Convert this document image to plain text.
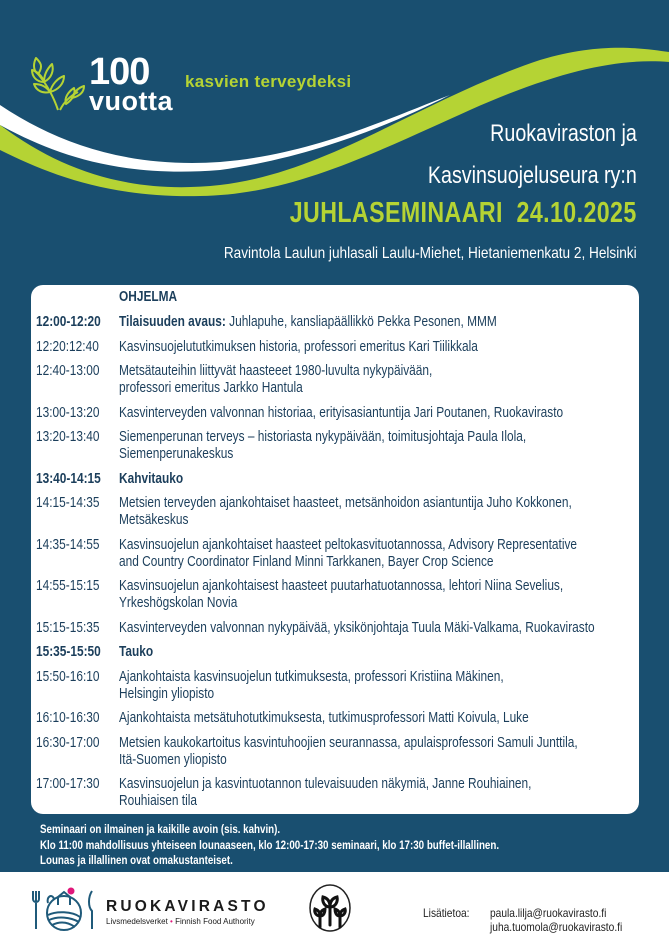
100
vuotta
kasvien terveydeksi
Ruokaviraston ja
Kasvinsuojeluseura ry:n
JUHLASEMINAARI  24.10.2025
Ravintola Laulun juhlasali Laulu-Miehet, Hietaniemenkatu 2, Helsinki
OHJELMA
12:00-12:20 Tilaisuuden avaus: Juhlapuhe, kansliapäällikkö Pekka Pesonen, MMM
12:20:12:40 Kasvinsuojelututkimuksen historia, professori emeritus Kari Tiilikkala
12:40-13:00 Metsätauteihin liittyvät haasteeet 1980-luvulta nykypäivään,
professori emeritus Jarkko Hantula
13:00-13:20 Kasvinterveyden valvonnan historiaa, erityisasiantuntija Jari Poutanen, Ruokavirasto
13:20-13:40 Siemenperunan terveys – historiasta nykypäivään, toimitusjohtaja Paula Ilola,
Siemenperunakeskus
13:40-14:15 Kahvitauko
14:15-14:35 Metsien terveyden ajankohtaiset haasteet, metsänhoidon asiantuntija Juho Kokkonen,
Metsäkeskus
14:35-14:55 Kasvinsuojelun ajankohtaiset haasteet peltokasvituotannossa, Advisory Representative
and Country Coordinator Finland Minni Tarkkanen, Bayer Crop Science
14:55-15:15 Kasvinsuojelun ajankohtaisest haasteet puutarhatuotannossa, lehtori Niina Sevelius,
Yrkeshögskolan Novia
15:15-15:35 Kasvinterveyden valvonnan nykypäivää, yksikönjohtaja Tuula Mäki-Valkama, Ruokavirasto
15:35-15:50 Tauko
15:50-16:10 Ajankohtaista kasvinsuojelun tutkimuksesta, professori Kristiina Mäkinen,
Helsingin yliopisto
16:10-16:30 Ajankohtaista metsätuhotutkimuksesta, tutkimusprofessori Matti Koivula, Luke
16:30-17:00 Metsien kaukokartoitus kasvintuhoojien seurannassa, apulaisprofessori Samuli Junttila,
Itä-Suomen yliopisto
17:00-17:30 Kasvinsuojelun ja kasvintuotannon tulevaisuuden näkymiä, Janne Rouhiainen,
Rouhiaisen tila
Seminaari on ilmainen ja kaikille avoin (sis. kahvin).
Klo 11:00 mahdollisuus yhteiseen lounaaseen, klo 12:00-17:30 seminaari, klo 17:30 buffet-illallinen.
Lounas ja illallinen ovat omakustanteiset.
RUOKAVIRASTO
Livsmedelsverket • Finnish Food Authority
Lisätietoa: paula.lilja@ruokavirasto.fi
juha.tuomola@ruokavirasto.fi
